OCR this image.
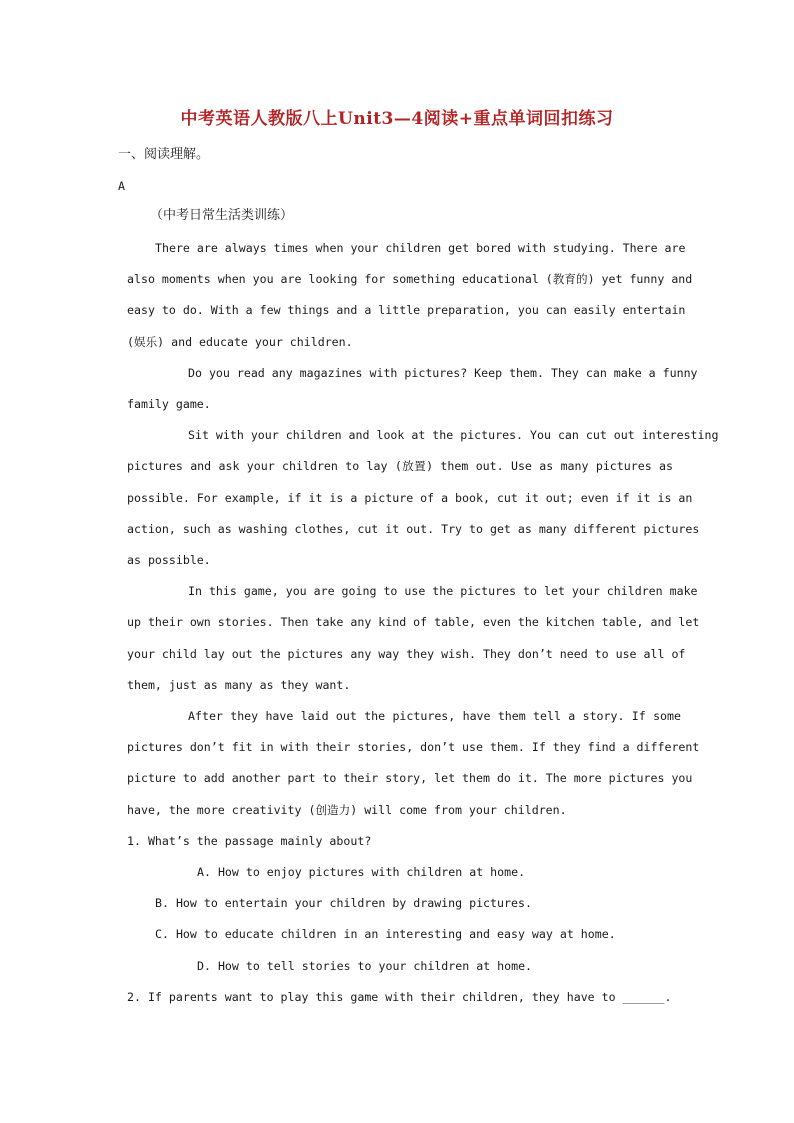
中考英语人教版八上Unit3—4阅读+重点单词回扣练习
一、阅读理解。
A
（中考日常生活类训练）
There are always times when your children get bored with studying. There are
also moments when you are looking for something educational (教育的) yet funny and
easy to do. With a few things and a little preparation, you can easily entertain
(娱乐) and educate your children.
Do you read any magazines with pictures? Keep them. They can make a funny
family game.
Sit with your children and look at the pictures. You can cut out interesting
pictures and ask your children to lay (放置) them out. Use as many pictures as
possible. For example, if it is a picture of a book, cut it out; even if it is an
action, such as washing clothes, cut it out. Try to get as many different pictures
as possible.
In this game, you are going to use the pictures to let your children make
up their own stories. Then take any kind of table, even the kitchen table, and let
your child lay out the pictures any way they wish. They don’t need to use all of
them, just as many as they want.
After they have laid out the pictures, have them tell a story. If some
pictures don’t fit in with their stories, don’t use them. If they find a different
picture to add another part to their story, let them do it. The more pictures you
have, the more creativity (创造力) will come from your children.
1. What’s the passage mainly about?
A. How to enjoy pictures with children at home.
B. How to entertain your children by drawing pictures.
C. How to educate children in an interesting and easy way at home.
D. How to tell stories to your children at home.
2. If parents want to play this game with their children, they have to ______.
